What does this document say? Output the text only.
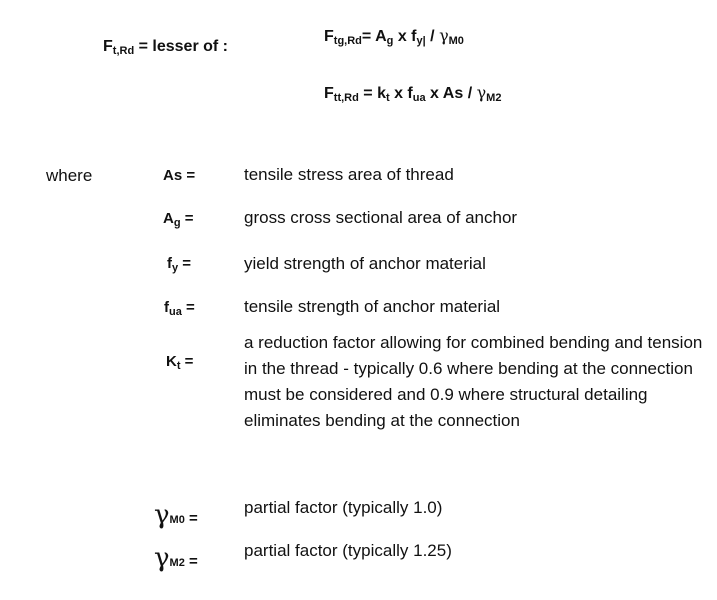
$F_{t,Rd}$ = lesser of :
$F_{tg,Rd}= A_g$ x $f_{y|} / \gamma_{M0}$
$F_{tt,Rd} = k_t$ x $f_{ua}$ x As / $\gamma_{M2}$
where	As =	tensile stress area of thread
$A_g$ =	gross cross sectional area of anchor
$f_y$ =	yield strength of anchor material
$f_{ua}$ =	tensile strength of anchor material
$K_t$ =
a reduction factor allowing for combined bending and tension in the thread - typically 0.6 where bending at the connection must be considered and 0.9 where structural detailing eliminates bending at the connection
γM0 =
partial factor (typically 1.0)
γM2 =
partial factor (typically 1.25)
